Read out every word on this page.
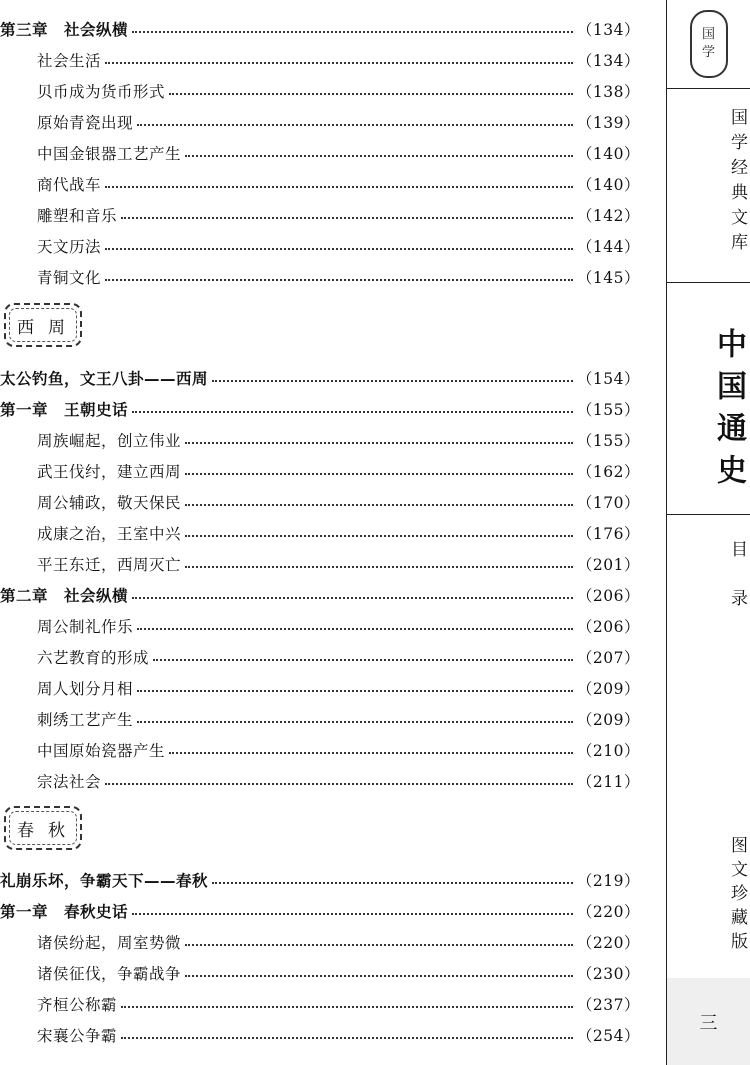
第三章　社会纵横	（134）
社会生活	（134）
贝币成为货币形式	（138）
原始青瓷出现	（139）
中国金银器工艺产生	（140）
商代战车	（140）
雕塑和音乐	（142）
天文历法	（144）
青铜文化	（145）
西周
太公钓鱼，文王八卦——西周	（154）
第一章　王朝史话	（155）
周族崛起，创立伟业	（155）
武王伐纣，建立西周	（162）
周公辅政，敬天保民	（170）
成康之治，王室中兴	（176）
平王东迁，西周灭亡	（201）
第二章　社会纵横	（206）
周公制礼作乐	（206）
六艺教育的形成	（207）
周人划分月相	（209）
刺绣工艺产生	（209）
中国原始瓷器产生	（210）
宗法社会	（211）
春秋
礼崩乐坏，争霸天下——春秋	（219）
第一章　春秋史话	（220）
诸侯纷起，周室势微	（220）
诸侯征伐，争霸战争	（230）
齐桓公称霸	（237）
宋襄公争霸	（254）
国
学
国学经典文库
中国通史
目录
图文珍藏版
三
